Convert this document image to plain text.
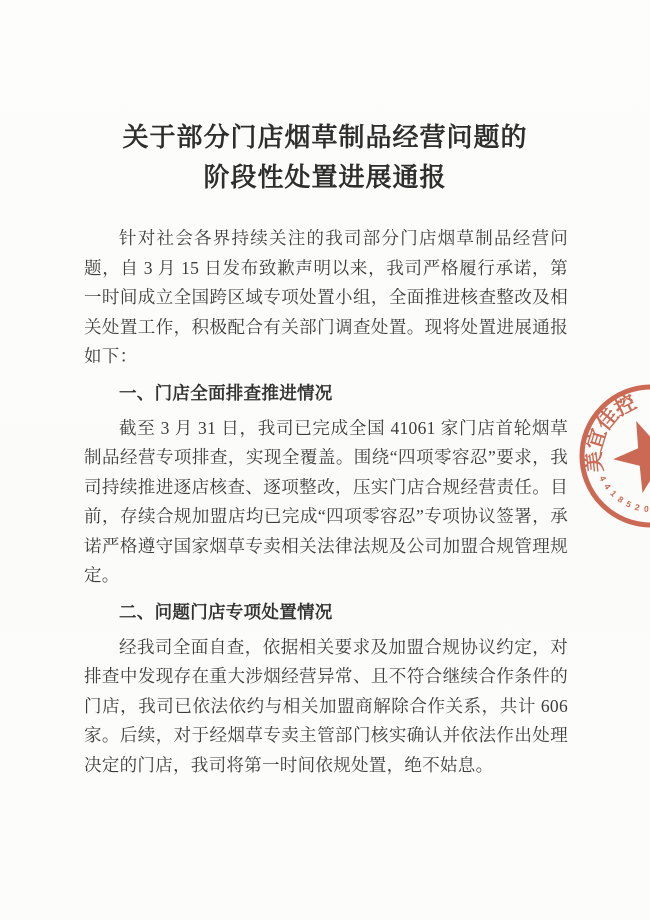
关于部分门店烟草制品经营问题的
阶段性处置进展通报

针对社会各界持续关注的我司部分门店烟草制品经营问题，自 3 月 15 日发布致歉声明以来，我司严格履行承诺，第一时间成立全国跨区域专项处置小组，全面推进核查整改及相关处置工作，积极配合有关部门调查处置。现将处置进展通报如下：

一、门店全面排查推进情况

截至 3 月 31 日，我司已完成全国 41061 家门店首轮烟草制品经营专项排查，实现全覆盖。围绕“四项零容忍”要求，我司持续推进逐店核查、逐项整改，压实门店合规经营责任。目前，存续合规加盟店均已完成“四项零容忍”专项协议签署，承诺严格遵守国家烟草专卖相关法律法规及公司加盟合规管理规定。

二、问题门店专项处置情况

经我司全面自查，依据相关要求及加盟合规协议约定，对排查中发现存在重大涉烟经营异常、且不符合继续合作条件的门店，我司已依法依约与相关加盟商解除合作关系，共计 606 家。后续，对于经烟草专卖主管部门核实确认并依法作出处理决定的门店，我司将第一时间依规处置，绝不姑息。

美
宜
佳
控
4
4
1
8
5 2 0
